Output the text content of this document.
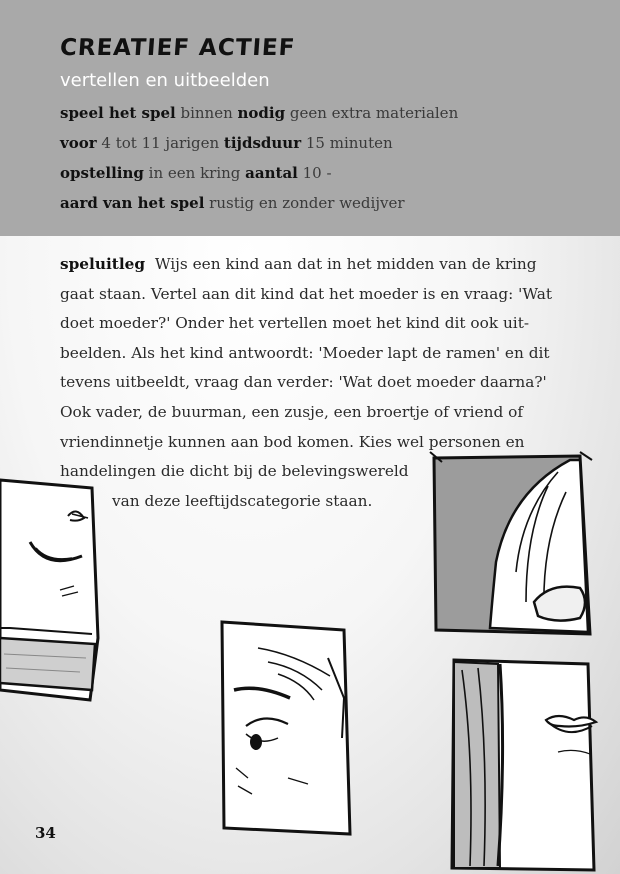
CREATIEF ACTIEF
vertellen en uitbeelden
speel het spel binnen nodig geen extra materialen
voor 4 tot 11 jarigen tijdsduur 15 minuten
opstelling in een kring aantal 10 -
aard van het spel rustig en zonder wedijver
speluitleg Wijs een kind aan dat in het midden van de kring
gaat staan. Vertel aan dit kind dat het moeder is en vraag: 'Wat
doet moeder?' Onder het vertellen moet het kind dit ook uit-
beelden. Als het kind antwoordt: 'Moeder lapt de ramen' en dit
tevens uitbeeldt, vraag dan verder: 'Wat doet moeder daarna?'
Ook vader, de buurman, een zusje, een broertje of vriend of
vriendinnetje kunnen aan bod komen. Kies wel personen en
handelingen die dicht bij de belevingswereld
van deze leeftijdscategorie staan.
34
